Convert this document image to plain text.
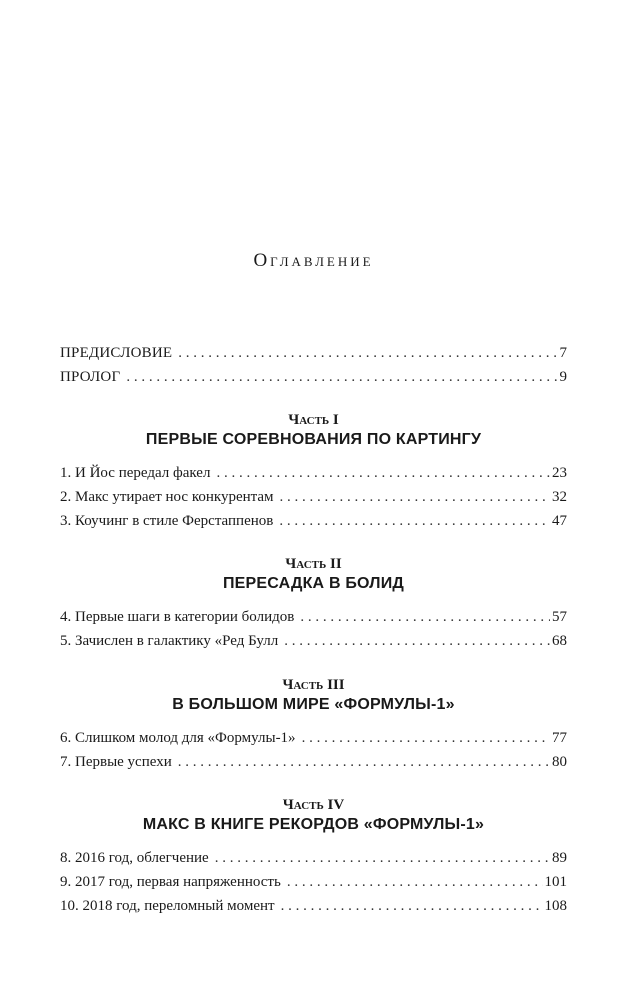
Оглавление
ПРЕДИСЛОВИЕ . . .	7
ПРОЛОГ . . .	9
Часть I
ПЕРВЫЕ СОРЕВНОВАНИЯ ПО КАРТИНГУ
1. И Йос передал факел . . .	23
2. Макс утирает нос конкурентам . . .	32
3. Коучинг в стиле Ферстаппенов . . .	47
Часть II
ПЕРЕСАДКА В БОЛИД
4. Первые шаги в категории болидов . . .	57
5. Зачислен в галактику «Ред Булл . . .	68
Часть III
В БОЛЬШОМ МИРЕ «ФОРМУЛЫ-1»
6. Слишком молод для «Формулы-1» . . .	77
7. Первые успехи . . .	80
Часть IV
МАКС В КНИГЕ РЕКОРДОВ «ФОРМУЛЫ-1»
8. 2016 год, облегчение . . .	89
9. 2017 год, первая напряженность . . .	101
10. 2018 год, переломный момент . . .	108
